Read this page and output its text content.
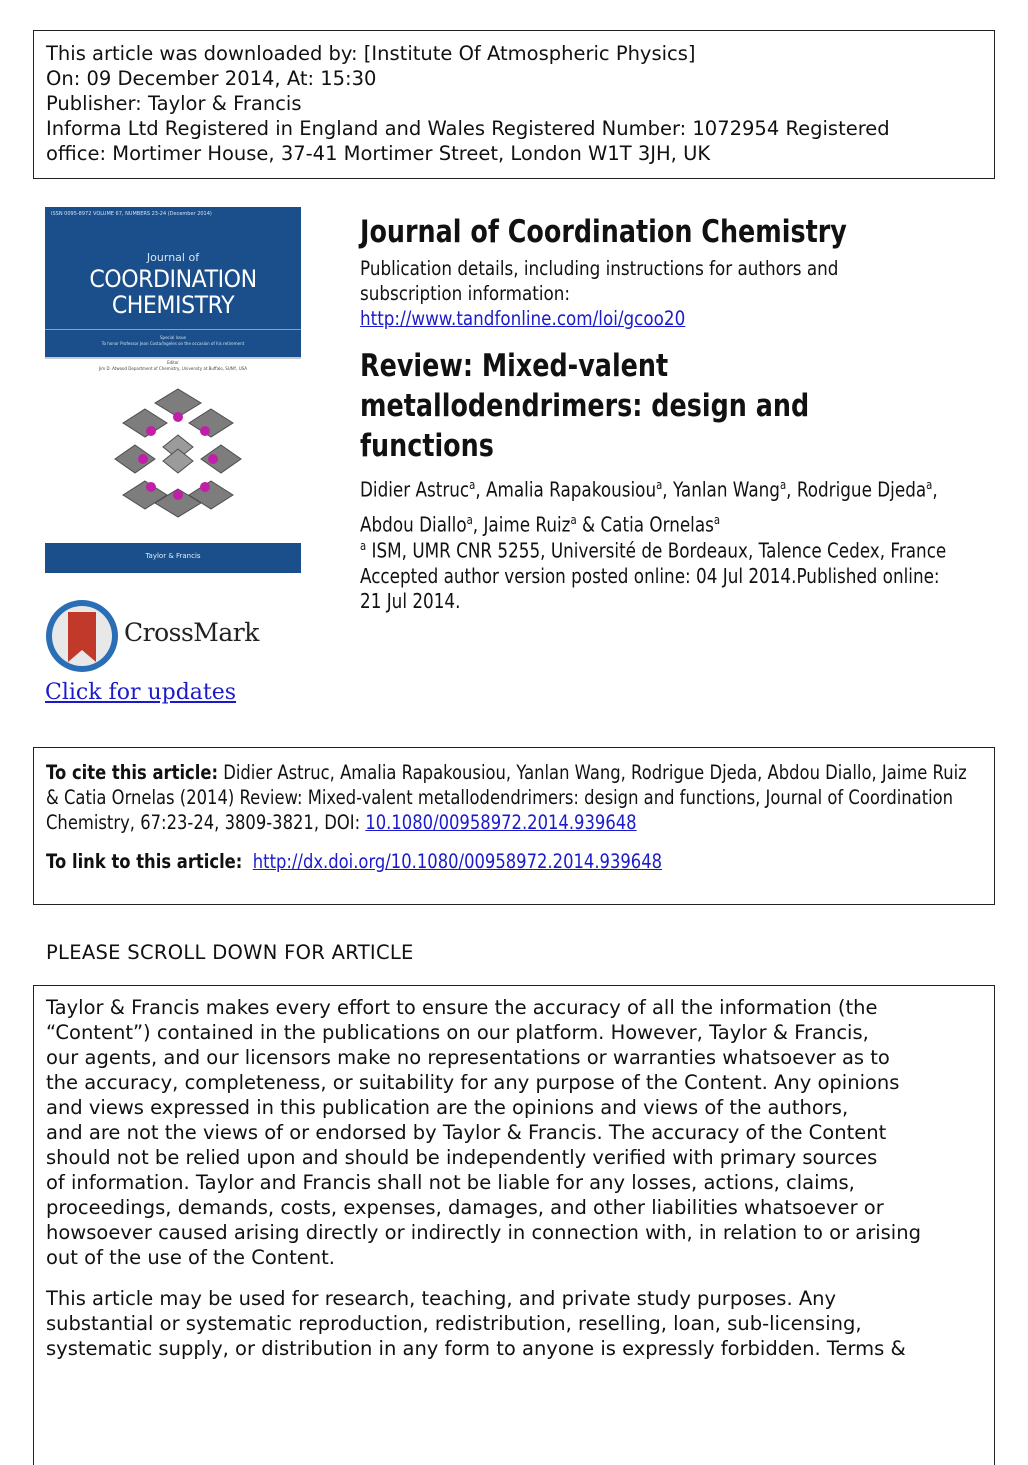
This article was downloaded by: [Institute Of Atmospheric Physics]
On: 09 December 2014, At: 15:30
Publisher: Taylor & Francis
Informa Ltd Registered in England and Wales Registered Number: 1072954 Registered
office: Mortimer House, 37-41 Mortimer Street, London W1T 3JH, UK
ISSN 0095-8972 VOLUME 67, NUMBERS 23-24 (December 2014)
Journal of
COORDINATION
CHEMISTRY
Special Issue
To honor Professor Jean Costa/Ingeles on the occasion of his retirement
Editor
Jim D. Atwood Department of Chemistry, University at Buffalo, SUNY, USA
Taylor & Francis
CrossMark
Click for updates
Journal of Coordination Chemistry
Publication details, including instructions for authors and
subscription information:
http://www.tandfonline.com/loi/gcoo20
Review: Mixed-valent
metallodendrimers: design and
functions
Didier Astruc$^a$, Amalia Rapakousiou$^a$, Yanlan Wang$^a$, Rodrigue Djeda$^a$, Abdou Diallo$^a$, Jaime Ruiz$^a$ & Catia Ornelas$^a$
$^a$ ISM, UMR CNR 5255, Université de Bordeaux, Talence Cedex, France
Accepted author version posted online: 04 Jul 2014.Published online: 21 Jul 2014.
To cite this article: Didier Astruc, Amalia Rapakousiou, Yanlan Wang, Rodrigue Djeda, Abdou Diallo, Jaime Ruiz & Catia Ornelas (2014) Review: Mixed-valent metallodendrimers: design and functions, Journal of Coordination Chemistry, 67:23-24, 3809-3821, DOI: 10.1080/00958972.2014.939648
To link to this article: http://dx.doi.org/10.1080/00958972.2014.939648
PLEASE SCROLL DOWN FOR ARTICLE

Taylor & Francis makes every effort to ensure the accuracy of all the information (the
“Content”) contained in the publications on our platform. However, Taylor & Francis,
our agents, and our licensors make no representations or warranties whatsoever as to
the accuracy, completeness, or suitability for any purpose of the Content. Any opinions
and views expressed in this publication are the opinions and views of the authors,
and are not the views of or endorsed by Taylor & Francis. The accuracy of the Content
should not be relied upon and should be independently verified with primary sources
of information. Taylor and Francis shall not be liable for any losses, actions, claims,
proceedings, demands, costs, expenses, damages, and other liabilities whatsoever or
howsoever caused arising directly or indirectly in connection with, in relation to or arising
out of the use of the Content.

This article may be used for research, teaching, and private study purposes. Any
substantial or systematic reproduction, redistribution, reselling, loan, sub-licensing,
systematic supply, or distribution in any form to anyone is expressly forbidden. Terms &
